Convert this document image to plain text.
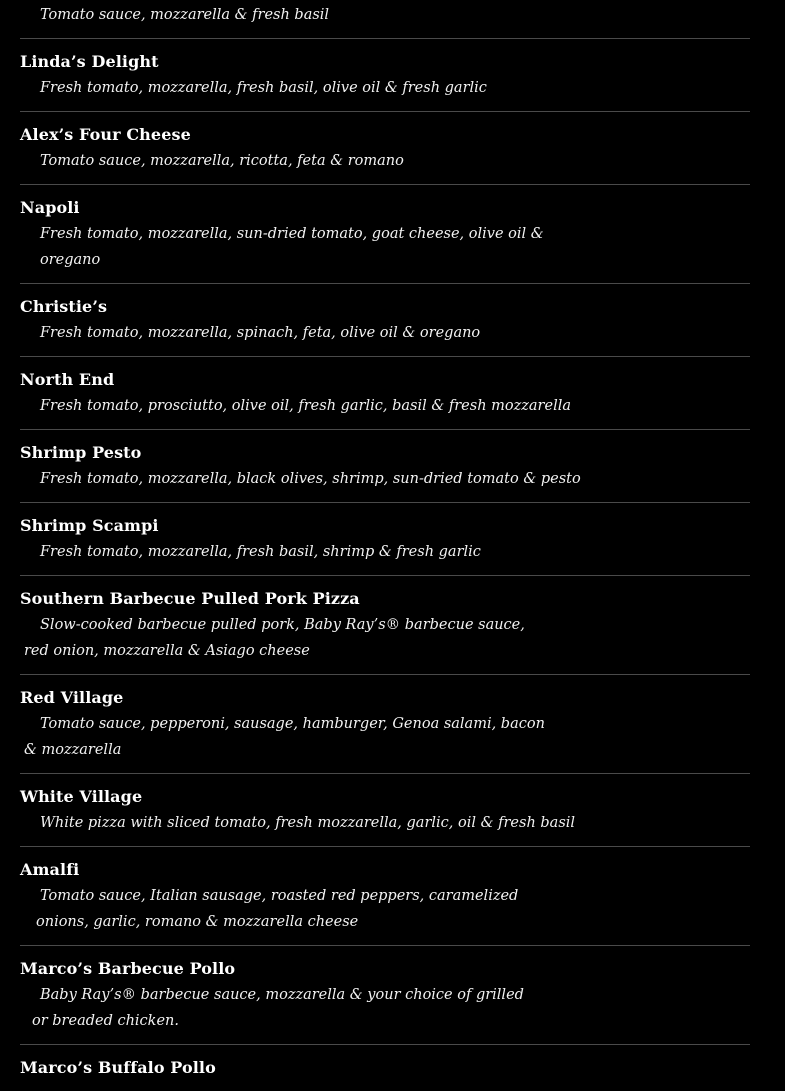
Tomato sauce, mozzarella & fresh basil
Linda’s Delight
Fresh tomato, mozzarella, fresh basil, olive oil & fresh garlic
Alex’s Four Cheese
Tomato sauce, mozzarella, ricotta, feta & romano
Napoli
Fresh tomato, mozzarella, sun-dried tomato, goat cheese, olive oil & oregano
Christie’s
Fresh tomato, mozzarella, spinach, feta, olive oil & oregano
North End
Fresh tomato, prosciutto, olive oil, fresh garlic, basil & fresh mozzarella
Shrimp Pesto
Fresh tomato, mozzarella, black olives, shrimp, sun-dried tomato & pesto
Shrimp Scampi
Fresh tomato, mozzarella, fresh basil, shrimp & fresh garlic
Southern Barbecue Pulled Pork Pizza
Slow-cooked barbecue pulled pork, Baby Ray’s® barbecue sauce, red onion, mozzarella & Asiago cheese
Red Village
Tomato sauce, pepperoni, sausage, hamburger, Genoa salami, bacon & mozzarella
White Village
White pizza with sliced tomato, fresh mozzarella, garlic, oil & fresh basil
Amalfi
Tomato sauce, Italian sausage, roasted red peppers, caramelized onions, garlic, romano & mozzarella cheese
Marco’s Barbecue Pollo
Baby Ray’s® barbecue sauce, mozzarella & your choice of grilled or breaded chicken.
Marco’s Buffalo Pollo
